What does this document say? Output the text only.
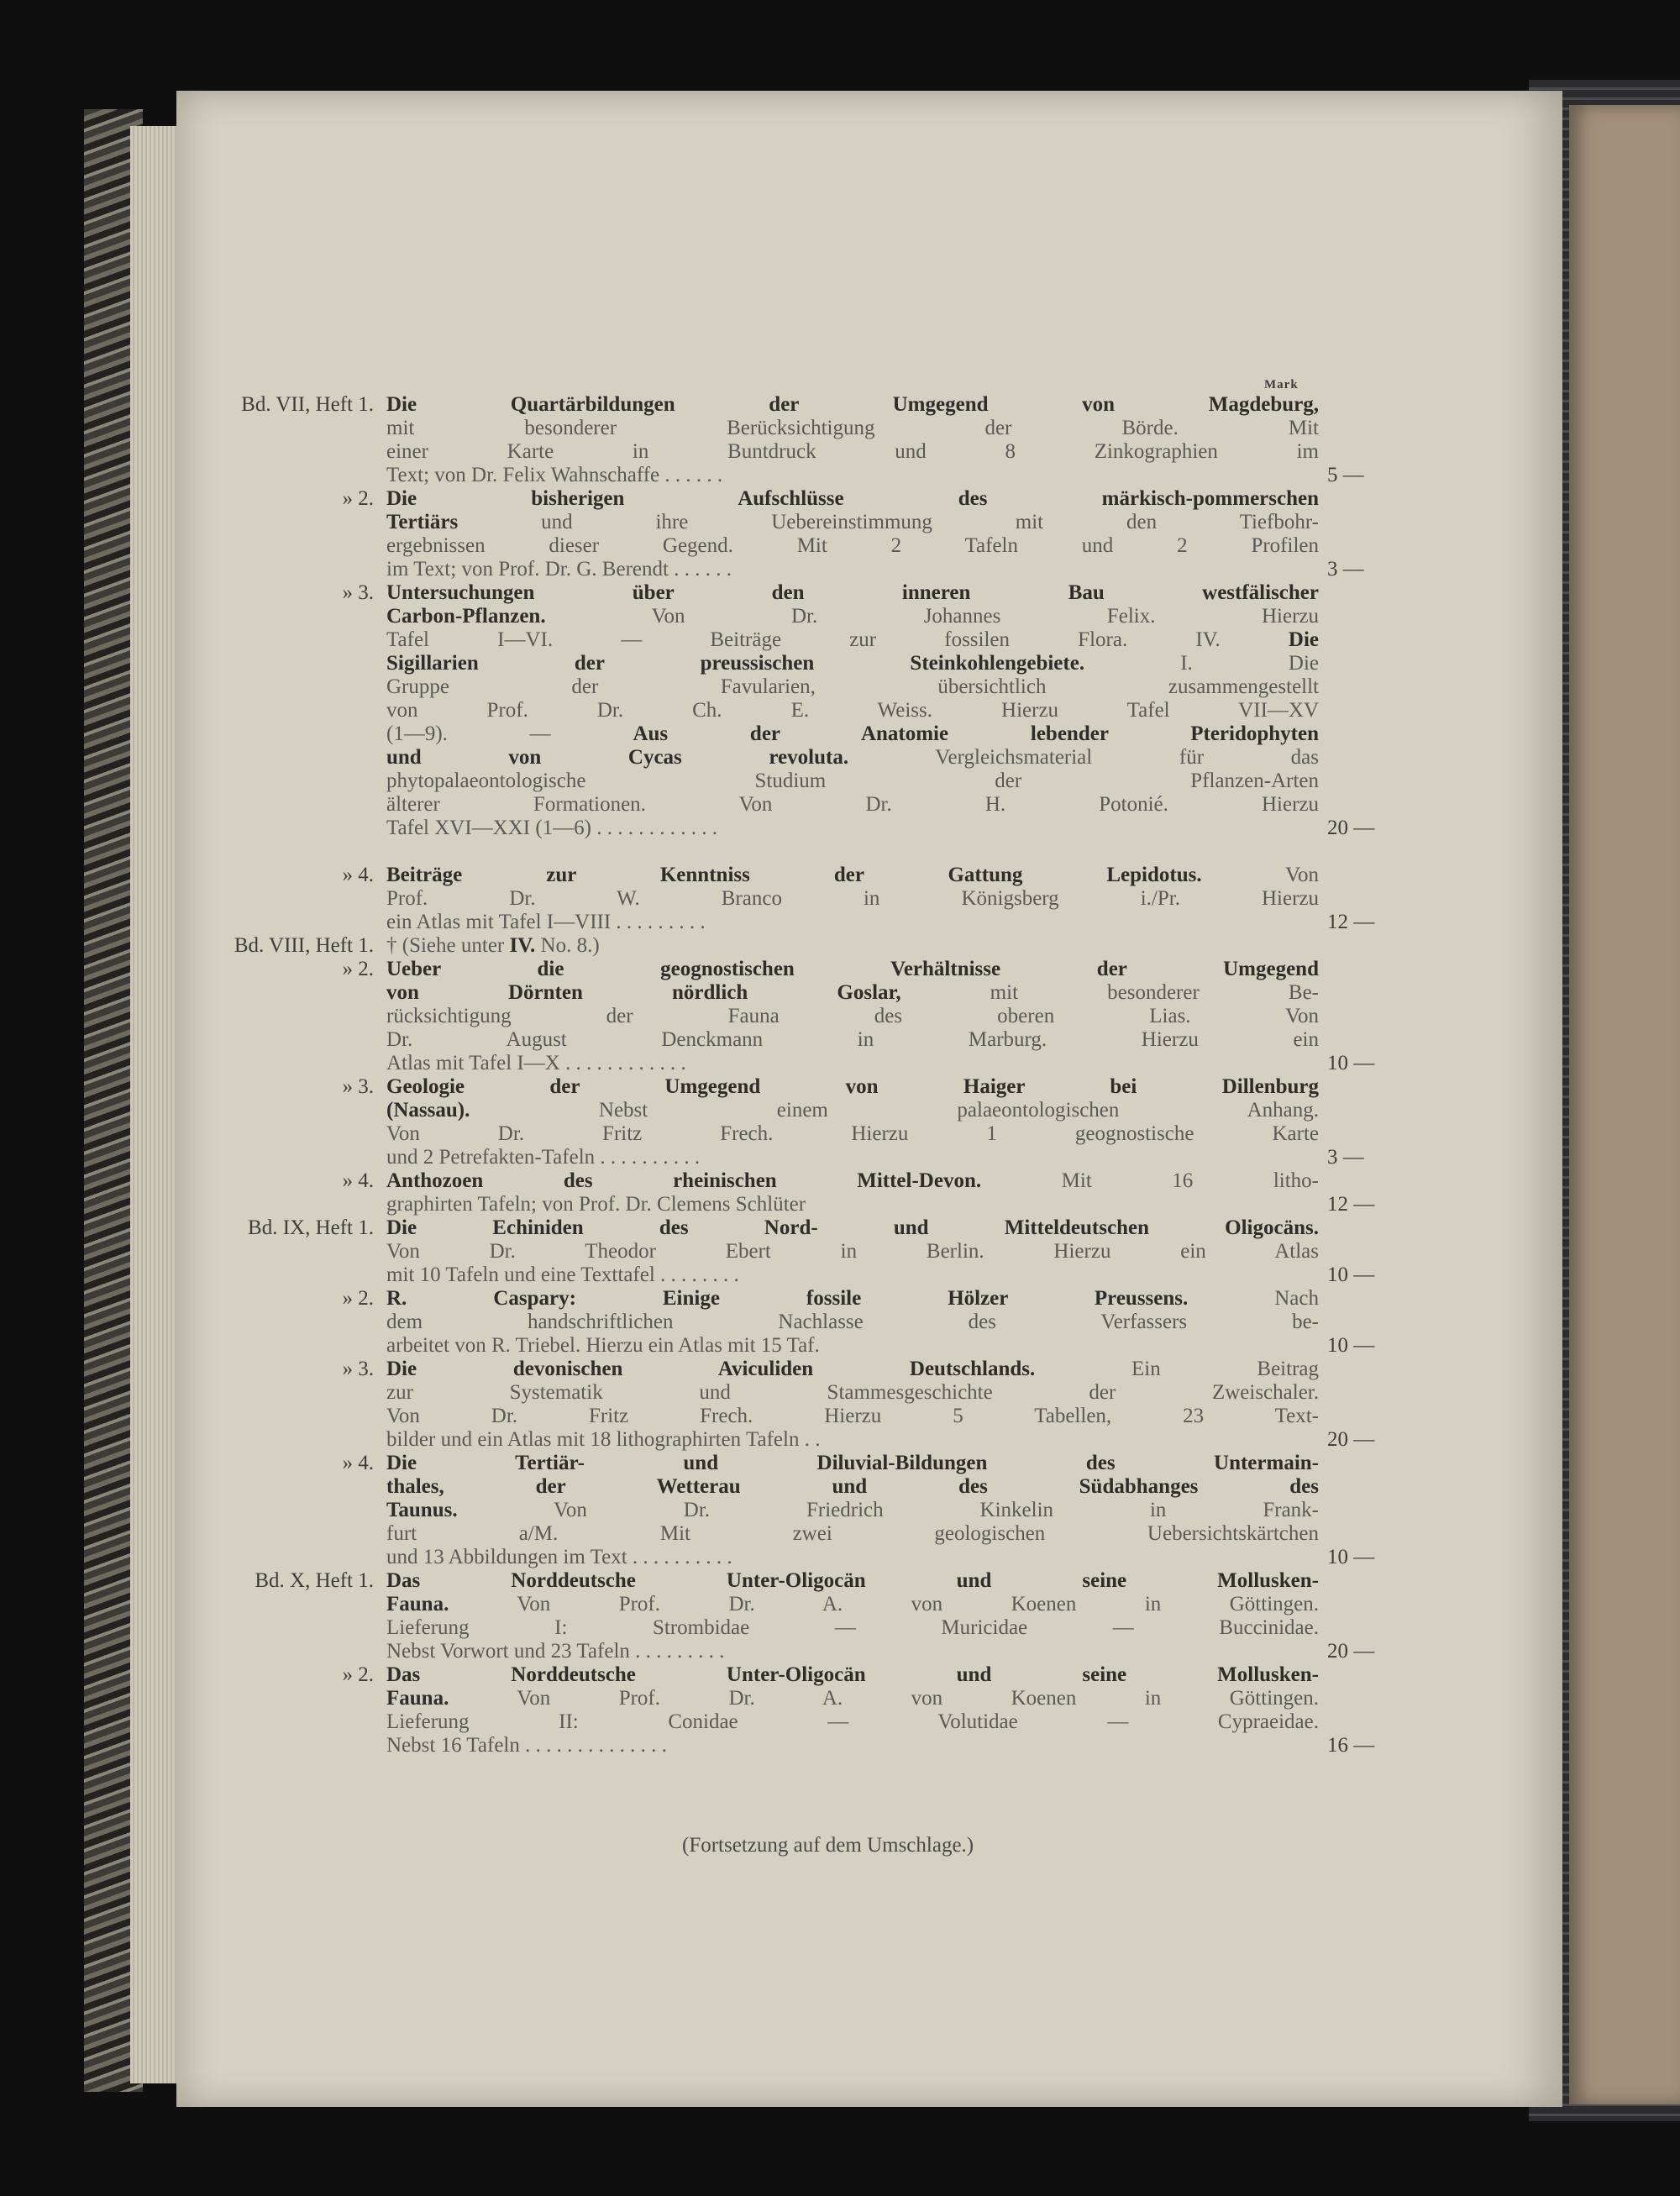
Mark
Bd. VII, Heft 1. Die Quartärbildungen der Umgegend von Magdeburg,
mit besonderer Berücksichtigung der Börde. Mit
einer Karte in Buntdruck und 8 Zinkographien im
Text; von Dr. Felix Wahnschaffe . . . . . .	5 —
» 2. Die bisherigen Aufschlüsse des märkisch-pommerschen
Tertiärs und ihre Uebereinstimmung mit den Tiefbohr-
ergebnissen dieser Gegend. Mit 2 Tafeln und 2 Profilen
im Text; von Prof. Dr. G. Berendt . . . . . .	3 —
» 3. Untersuchungen über den inneren Bau westfälischer
Carbon-Pflanzen. Von Dr. Johannes Felix. Hierzu
Tafel I—VI. — Beiträge zur fossilen Flora. IV. Die
Sigillarien der preussischen Steinkohlengebiete. I. Die
Gruppe der Favularien, übersichtlich zusammengestellt
von Prof. Dr. Ch. E. Weiss. Hierzu Tafel VII—XV
(1—9). — Aus der Anatomie lebender Pteridophyten
und von Cycas revoluta. Vergleichsmaterial für das
phytopalaeontologische Studium der Pflanzen-Arten
älterer Formationen. Von Dr. H. Potonié. Hierzu
Tafel XVI—XXI (1—6) . . . . . . . . . . . .	20 —
» 4. Beiträge zur Kenntniss der Gattung Lepidotus. Von
Prof. Dr. W. Branco in Königsberg i./Pr. Hierzu
ein Atlas mit Tafel I—VIII . . . . . . . . .	12 —
Bd. VIII, Heft 1. † (Siehe unter IV. No. 8.)
» 2. Ueber die geognostischen Verhältnisse der Umgegend
von Dörnten nördlich Goslar, mit besonderer Be-
rücksichtigung der Fauna des oberen Lias. Von
Dr. August Denckmann in Marburg. Hierzu ein
Atlas mit Tafel I—X . . . . . . . . . . . .	10 —
» 3. Geologie der Umgegend von Haiger bei Dillenburg
(Nassau). Nebst einem palaeontologischen Anhang.
Von Dr. Fritz Frech. Hierzu 1 geognostische Karte
und 2 Petrefakten-Tafeln . . . . . . . . . .	3 —
» 4. Anthozoen des rheinischen Mittel-Devon. Mit 16 litho-
graphirten Tafeln; von Prof. Dr. Clemens Schlüter	12 —
Bd. IX, Heft 1. Die Echiniden des Nord- und Mitteldeutschen Oligocäns.
Von Dr. Theodor Ebert in Berlin. Hierzu ein Atlas
mit 10 Tafeln und eine Texttafel . . . . . . . .	10 —
» 2. R. Caspary: Einige fossile Hölzer Preussens. Nach
dem handschriftlichen Nachlasse des Verfassers be-
arbeitet von R. Triebel. Hierzu ein Atlas mit 15 Taf.	10 —
» 3. Die devonischen Aviculiden Deutschlands. Ein Beitrag
zur Systematik und Stammesgeschichte der Zweischaler.
Von Dr. Fritz Frech. Hierzu 5 Tabellen, 23 Text-
bilder und ein Atlas mit 18 lithographirten Tafeln . .	20 —
» 4. Die Tertiär- und Diluvial-Bildungen des Untermain-
thales, der Wetterau und des Südabhanges des
Taunus. Von Dr. Friedrich Kinkelin in Frank-
furt a/M. Mit zwei geologischen Uebersichtskärtchen
und 13 Abbildungen im Text . . . . . . . . . .	10 —
Bd. X, Heft 1. Das Norddeutsche Unter-Oligocän und seine Mollusken-
Fauna. Von Prof. Dr. A. von Koenen in Göttingen.
Lieferung I: Strombidae — Muricidae — Buccinidae.
Nebst Vorwort und 23 Tafeln . . . . . . . . .	20 —
» 2. Das Norddeutsche Unter-Oligocän und seine Mollusken-
Fauna. Von Prof. Dr. A. von Koenen in Göttingen.
Lieferung II: Conidae — Volutidae — Cypraeidae.
Nebst 16 Tafeln . . . . . . . . . . . . . .	16 —
(Fortsetzung auf dem Umschlage.)
